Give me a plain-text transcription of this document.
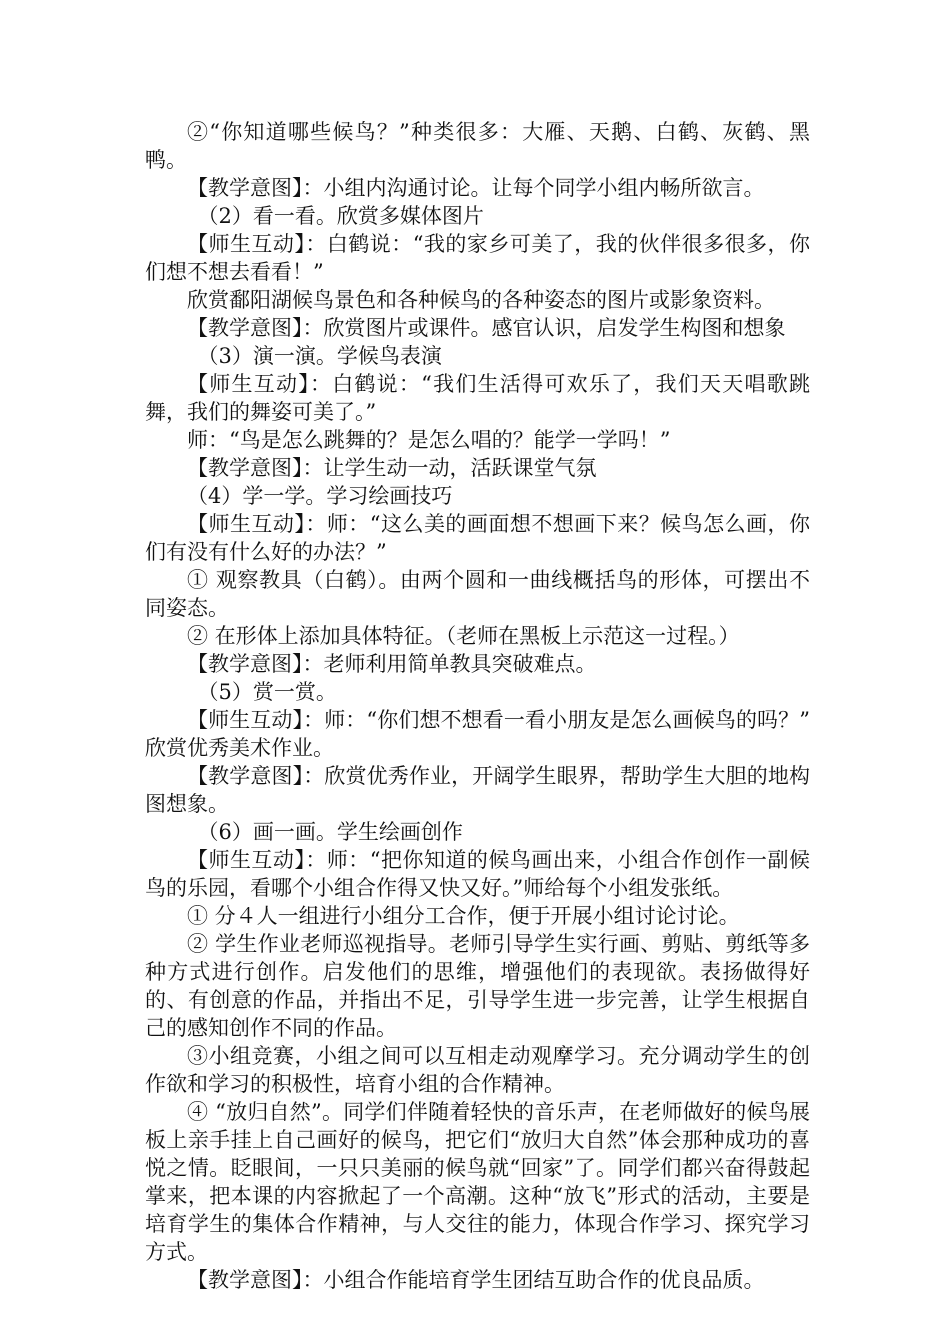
②“你知道哪些候鸟？”种类很多：大雁、天鹅、白鹤、灰鹤、黑鸭。

【教学意图】：小组内沟通讨论。让每个同学小组内畅所欲言。

（2）看一看。欣赏多媒体图片

【师生互动】：白鹤说：“我的家乡可美了，我的伙伴很多很多，你们想不想去看看！”

欣赏鄱阳湖候鸟景色和各种候鸟的各种姿态的图片或影象资料。

【教学意图】：欣赏图片或课件。感官认识，启发学生构图和想象

（3）演一演。学候鸟表演

【师生互动】：白鹤说：“我们生活得可欢乐了，我们天天唱歌跳舞，我们的舞姿可美了。”

师：“鸟是怎么跳舞的？是怎么唱的？能学一学吗！”

【教学意图】：让学生动一动，活跃课堂气氛

（4）学一学。学习绘画技巧

【师生互动】：师：“这么美的画面想不想画下来？候鸟怎么画，你们有没有什么好的办法？”

① 观察教具（白鹤）。由两个圆和一曲线概括鸟的形体，可摆出不同姿态。

② 在形体上添加具体特征。（老师在黑板上示范这一过程。）

【教学意图】：老师利用简单教具突破难点。

（5）赏一赏。

【师生互动】：师：“你们想不想看一看小朋友是怎么画候鸟的吗？” 欣赏优秀美术作业。

【教学意图】：欣赏优秀作业，开阔学生眼界，帮助学生大胆的地构图想象。

（6）画一画。学生绘画创作

【师生互动】：师：“把你知道的候鸟画出来，小组合作创作一副候鸟的乐园，看哪个小组合作得又快又好。”师给每个小组发张纸。

① 分４人一组进行小组分工合作，便于开展小组讨论讨论。

② 学生作业老师巡视指导。老师引导学生实行画、剪贴、剪纸等多种方式进行创作。启发他们的思维，增强他们的表现欲。表扬做得好的、有创意的作品，并指出不足，引导学生进一步完善，让学生根据自己的感知创作不同的作品。

③小组竞赛，小组之间可以互相走动观摩学习。充分调动学生的创作欲和学习的积极性，培育小组的合作精神。

④ “放归自然”。同学们伴随着轻快的音乐声，在老师做好的候鸟展板上亲手挂上自己画好的候鸟，把它们“放归大自然”体会那种成功的喜悦之情。眨眼间，一只只美丽的候鸟就“回家”了。同学们都兴奋得鼓起掌来，把本课的内容掀起了一个高潮。这种“放飞”形式的活动，主要是培育学生的集体合作精神，与人交往的能力，体现合作学习、探究学习方式。

【教学意图】：小组合作能培育学生团结互助合作的优良品质。
